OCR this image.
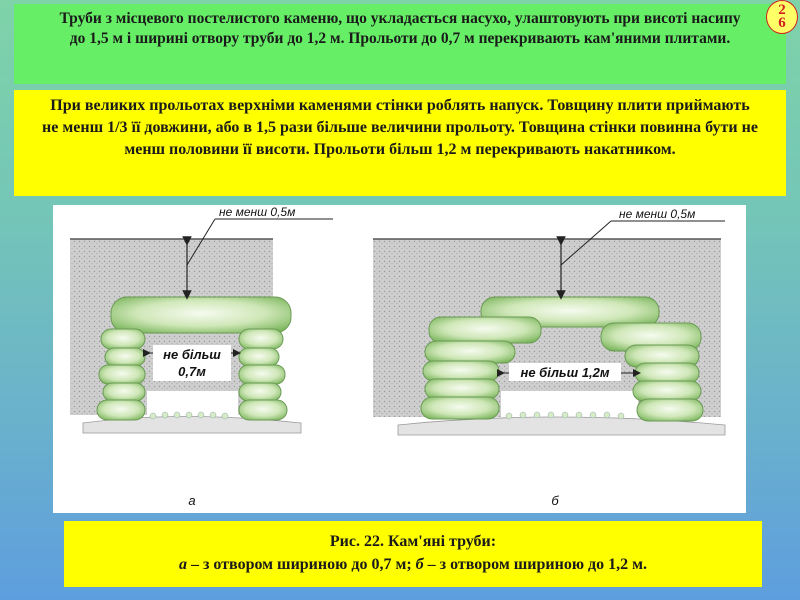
Труби з місцевого постелистого каменю, що укладається насухо, улаштовують при висоті насипу до 1,5 м і ширині отвору труби до 1,2 м. Прольоти до 0,7 м перекривають кам'яними плитами.
2
6
При великих прольотах верхніми каменями стінки роблять напуск. Товщину плити приймають не менш 1/3 її довжини, або в 1,5 рази більше величини прольоту. Товщина стінки повинна бути не менш половини її висоти. Прольоти більш 1,2 м перекривають накатником.
не менш 0,5м
не більш
0,7м
а
не менш 0,5м
не більш 1,2м
б
Рис. 22. Кам'яні труби:
а – з отвором шириною до 0,7 м; б – з отвором шириною до 1,2 м.
